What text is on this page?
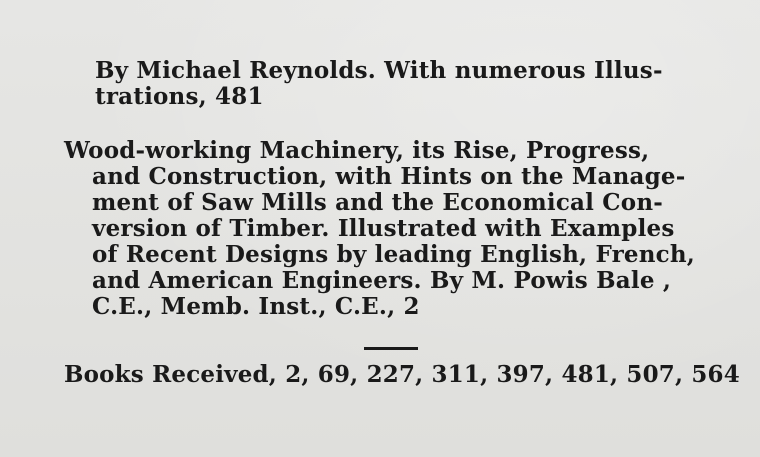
By Michael Reynolds. With numerous Illus-
trations, 481
Wood-working Machinery, its Rise, Progress,
and Construction, with Hints on the Manage-
ment of Saw Mills and the Economical Con-
version of Timber. Illustrated with Examples
of Recent Designs by leading English, French,
and American Engineers. By M. Powis Bale ,
C.E., Memb. Inst., C.E., 2
Books Received, 2, 69, 227, 311, 397, 481, 507, 564
